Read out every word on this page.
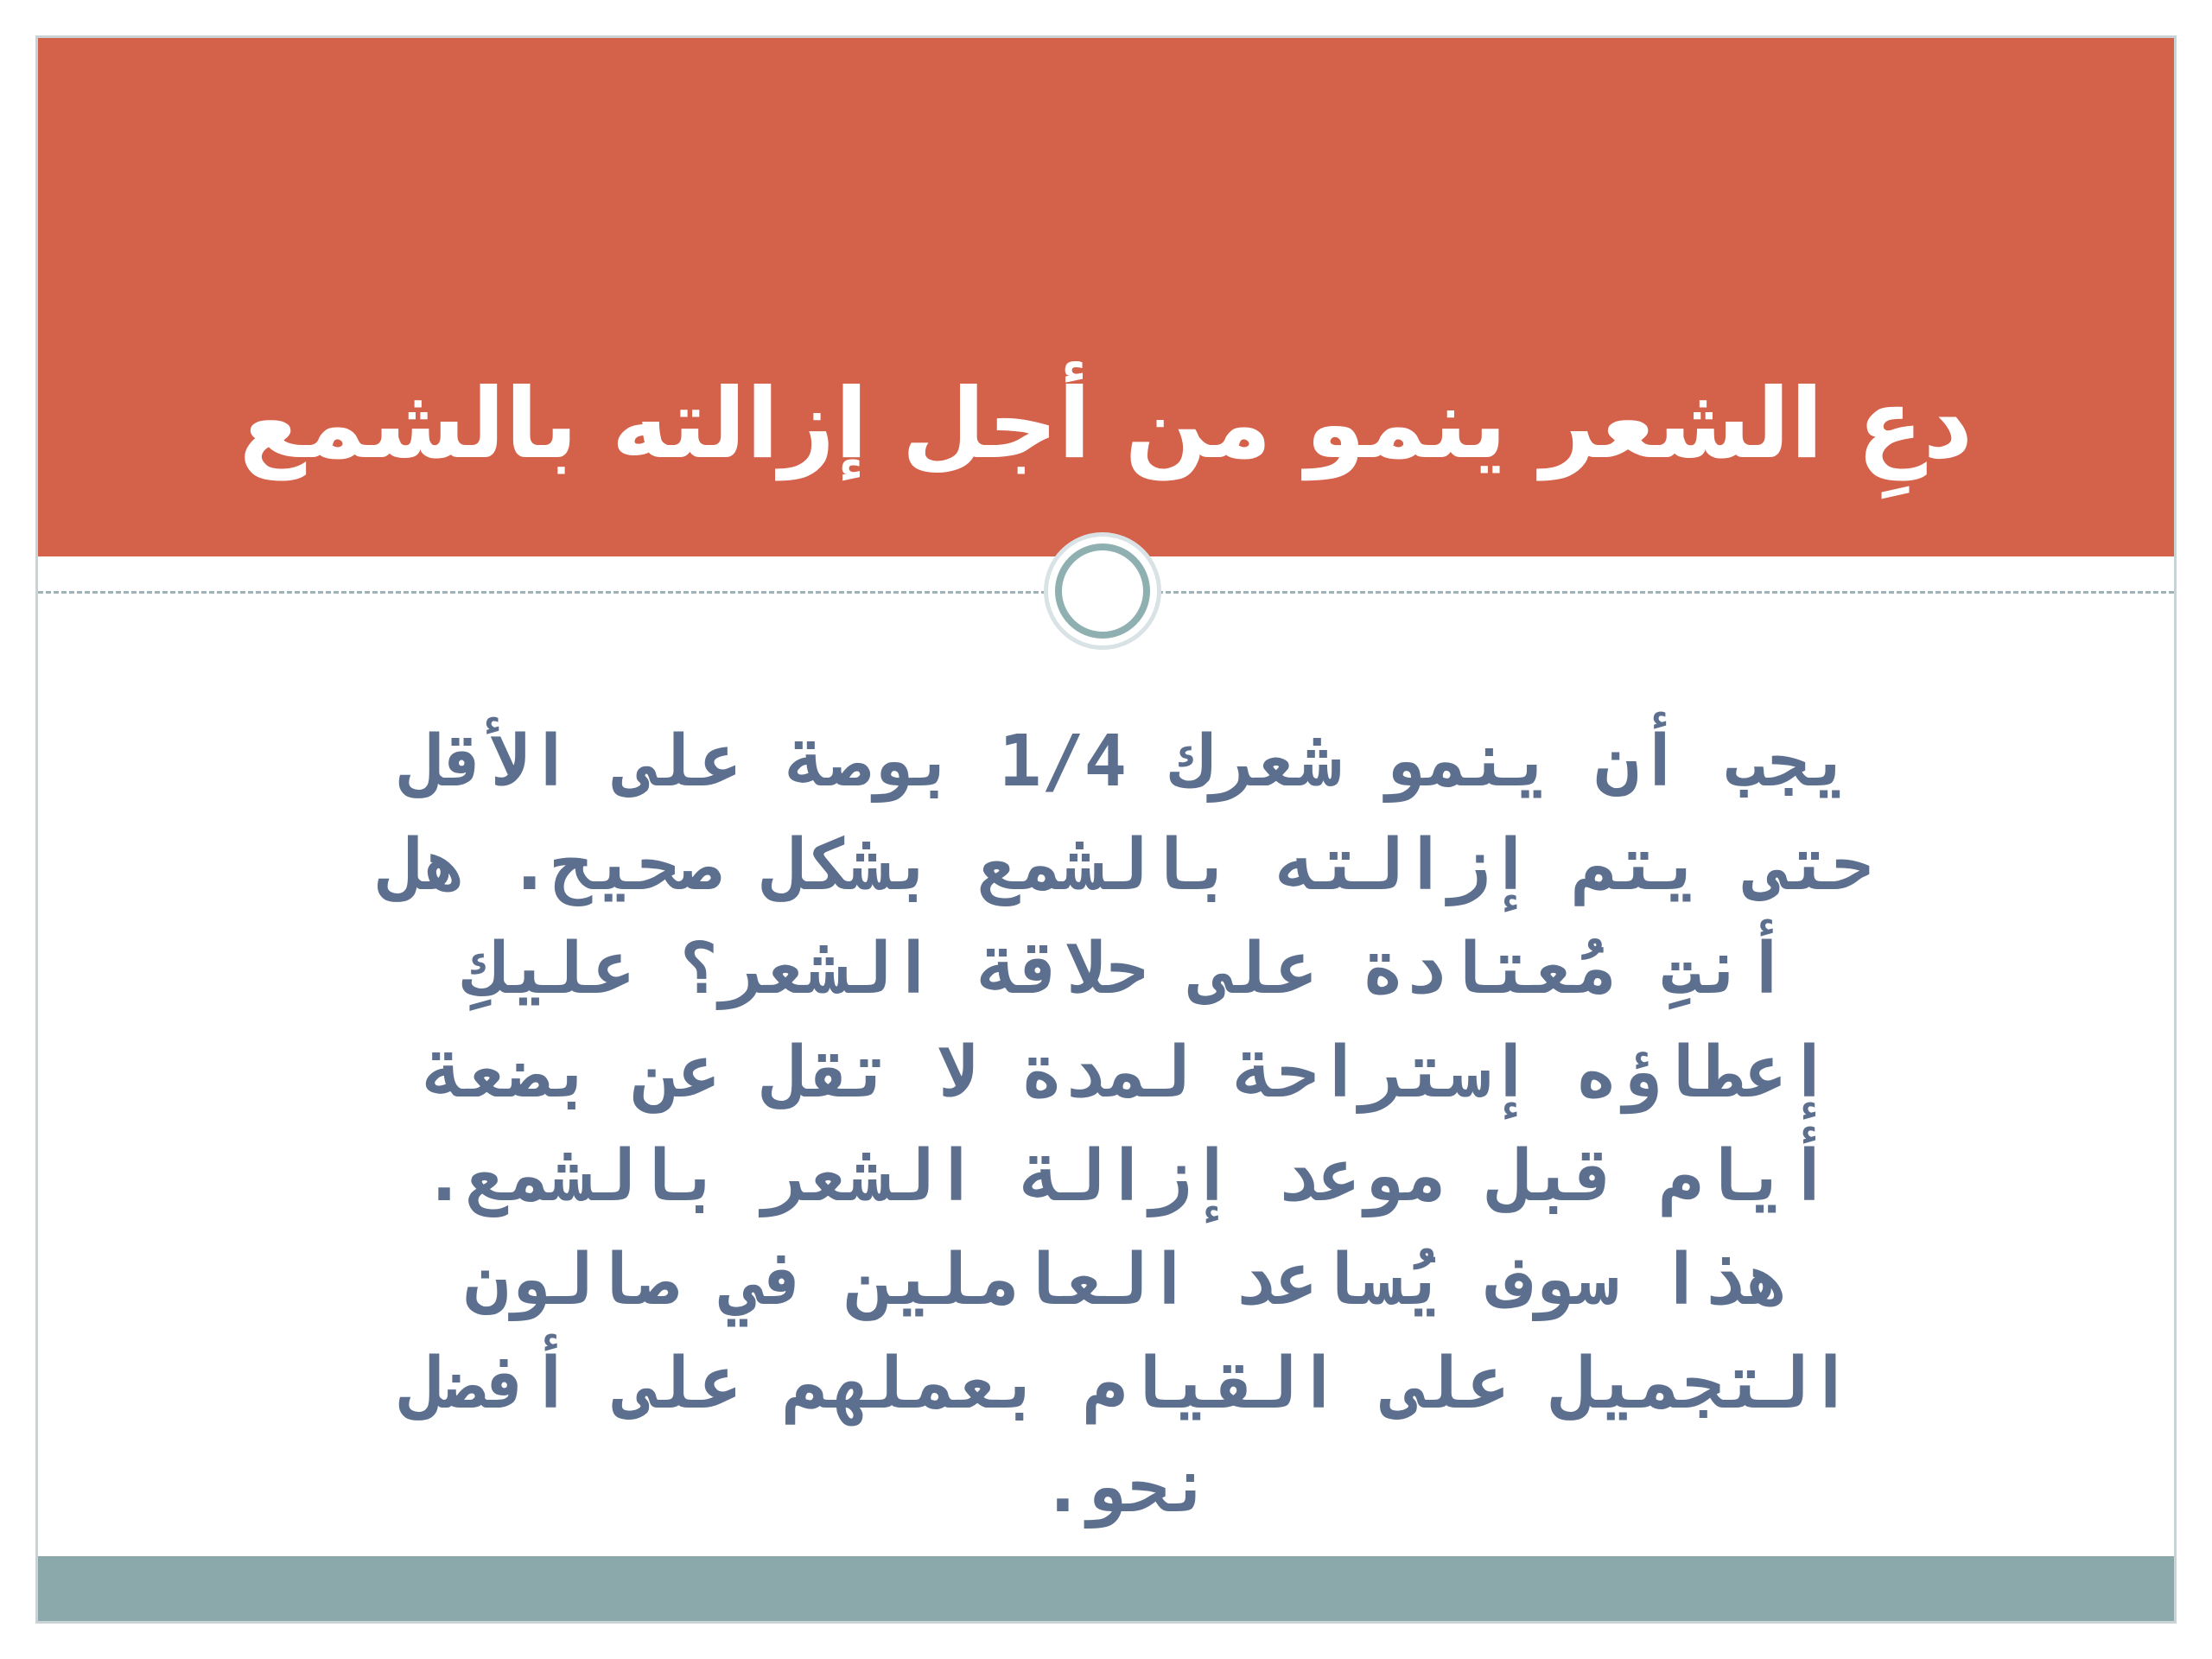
دعِ الشعر ينمو من أجل إزالته بالشمع

يجب أن ينمو شعرك 1/4 بوصة على الأقل حتى يتم إزالته بالشمع بشكل صحيح. هل أنتِ مُعتادة على حلاقة الشعر؟ عليكِ إعطاؤه إستراحة لمدة لا تقل عن بضعة أيام قبل موعد إزالة الشعر بالشمع. هذا سوف يُساعد العاملين في صالون التجميل على القيام بعملهم على أفضل نحو.
